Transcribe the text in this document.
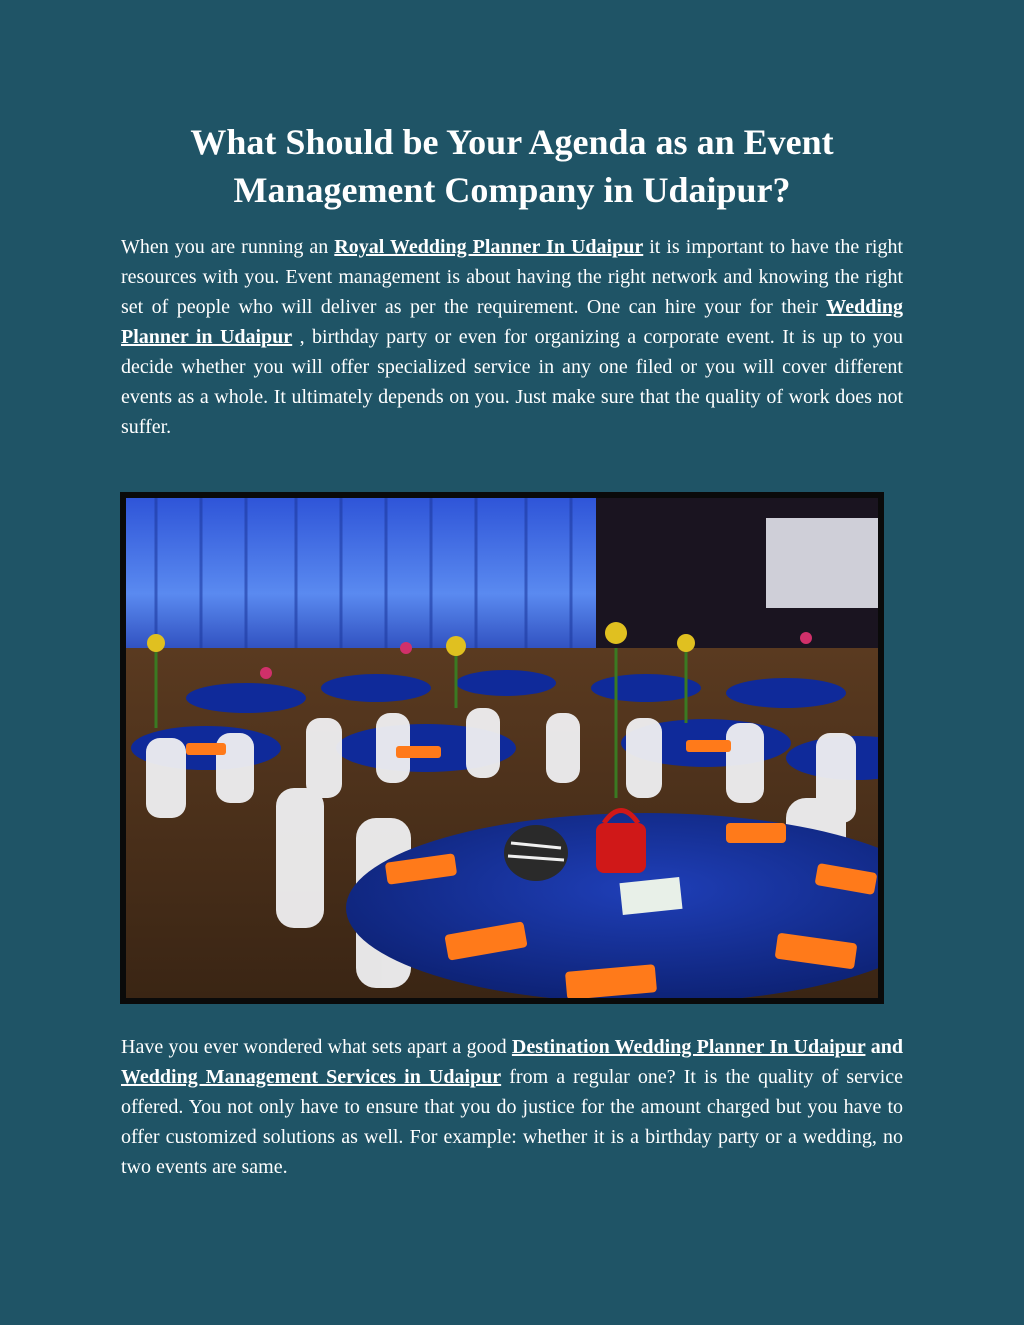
What Should be Your Agenda as an Event
Management Company in Udaipur?

When you are running an Royal Wedding Planner In Udaipur it is important to have the right resources with you. Event management is about having the right network and knowing the right set of people who will deliver as per the requirement. One can hire your for their Wedding Planner in Udaipur , birthday party or even for organizing a corporate event. It is up to you decide whether you will offer specialized service in any one filed or you will cover different events as a whole. It ultimately depends on you. Just make sure that the quality of work does not suffer.

Have you ever wondered what sets apart a good Destination Wedding Planner In Udaipur and Wedding Management Services in Udaipur from a regular one? It is the quality of service offered. You not only have to ensure that you do justice for the amount charged but you have to offer customized solutions as well. For example: whether it is a birthday party or a wedding, no two events are same.
